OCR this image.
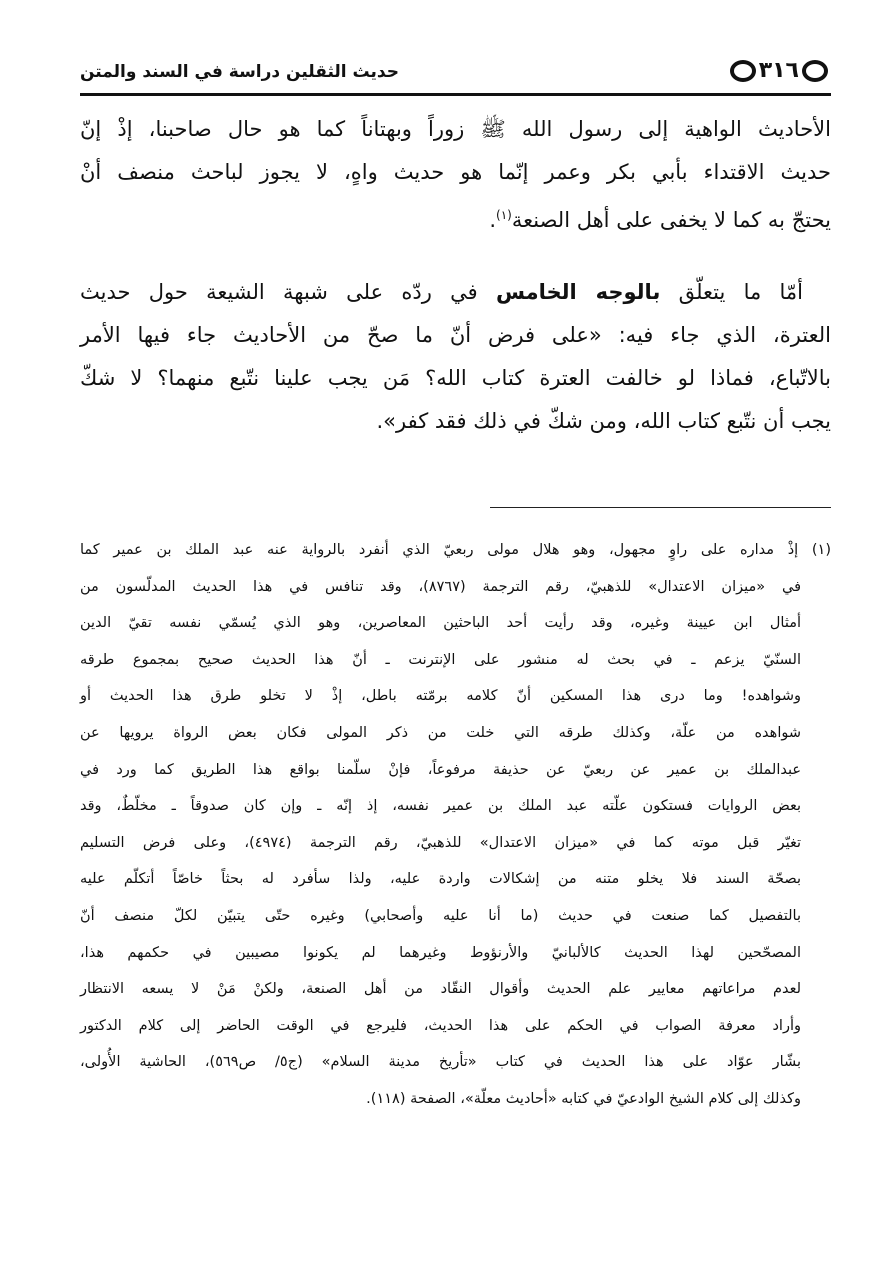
حديث الثقلين دراسة في السند والمتن	٣١٦
الأحاديث الواهية إلى رسول الله ﷺ زوراً وبهتاناً كما هو حال صاحبنا، إذْ إنّ
حديث الاقتداء بأبي بكر وعمر إنّما هو حديث واهٍ، لا يجوز لباحث منصف أنْ
يحتجّ به كما لا يخفى على أهل الصنعة$^{(١)}$.
أمّا ما يتعلّق بالوجه الخامس في ردّه على شبهة الشيعة حول حديث
العترة، الذي جاء فيه: «على فرض أنّ ما صحّ من الأحاديث جاء فيها الأمر
بالاتّباع، فماذا لو خالفت العترة كتاب الله؟ مَن يجب علينا نتّبع منهما؟ لا شكّ
يجب أن نتّبع كتاب الله، ومن شكّ في ذلك فقد كفر».
(١) إذْ مداره على راوٍ مجهول، وهو هلال مولى ربعيّ الذي أنفرد بالرواية عنه عبد الملك بن عمير كما
في «ميزان الاعتدال» للذهبيّ، رقم الترجمة (٨٧٦٧)، وقد تنافس في هذا الحديث المدلّسون من
أمثال ابن عيينة وغيره، وقد رأيت أحد الباحثين المعاصرين، وهو الذي يُسمّي نفسه تقيّ الدين
السنّيّ يزعم ـ في بحث له منشور على الإنترنت ـ أنّ هذا الحديث صحيح بمجموع طرقه
وشواهده! وما درى هذا المسكين أنّ كلامه برمّته باطل، إذْ لا تخلو طرق هذا الحديث أو
شواهده من علّة، وكذلك طرقه التي خلت من ذكر المولى فكان بعض الرواة يرويها عن
عبدالملك بن عمير عن ربعيّ عن حذيفة مرفوعاً، فإنْ سلّمنا بواقع هذا الطريق كما ورد في
بعض الروايات فستكون علّته عبد الملك بن عمير نفسه، إذ إنّه ـ وإن كان صدوقاً ـ مخلّطٌ، وقد
تغيّر قبل موته كما في «ميزان الاعتدال» للذهبيّ، رقم الترجمة (٤٩٧٤)، وعلى فرض التسليم
بصحّة السند فلا يخلو متنه من إشكالات واردة عليه، ولذا سأفرد له بحثاً خاصّاً أتكلّم عليه
بالتفصيل كما صنعت في حديث (ما أنا عليه وأصحابي) وغيره حتّى يتبيّن لكلّ منصف أنّ
المصحّحين لهذا الحديث كالألبانيّ والأرنؤوط وغيرهما لم يكونوا مصيبين في حكمهم هذا،
لعدم مراعاتهم معايير علم الحديث وأقوال النقّاد من أهل الصنعة، ولكنْ مَنْ لا يسعه الانتظار
وأراد معرفة الصواب في الحكم على هذا الحديث، فليرجع في الوقت الحاضر إلى كلام الدكتور
بشّار عوّاد على هذا الحديث في كتاب «تأريخ مدينة السلام» (ج٥/ ص٥٦٩)، الحاشية الأُولى،
وكذلك إلى كلام الشيخ الوادعيّ في كتابه «أحاديث معلّة»، الصفحة (١١٨).
